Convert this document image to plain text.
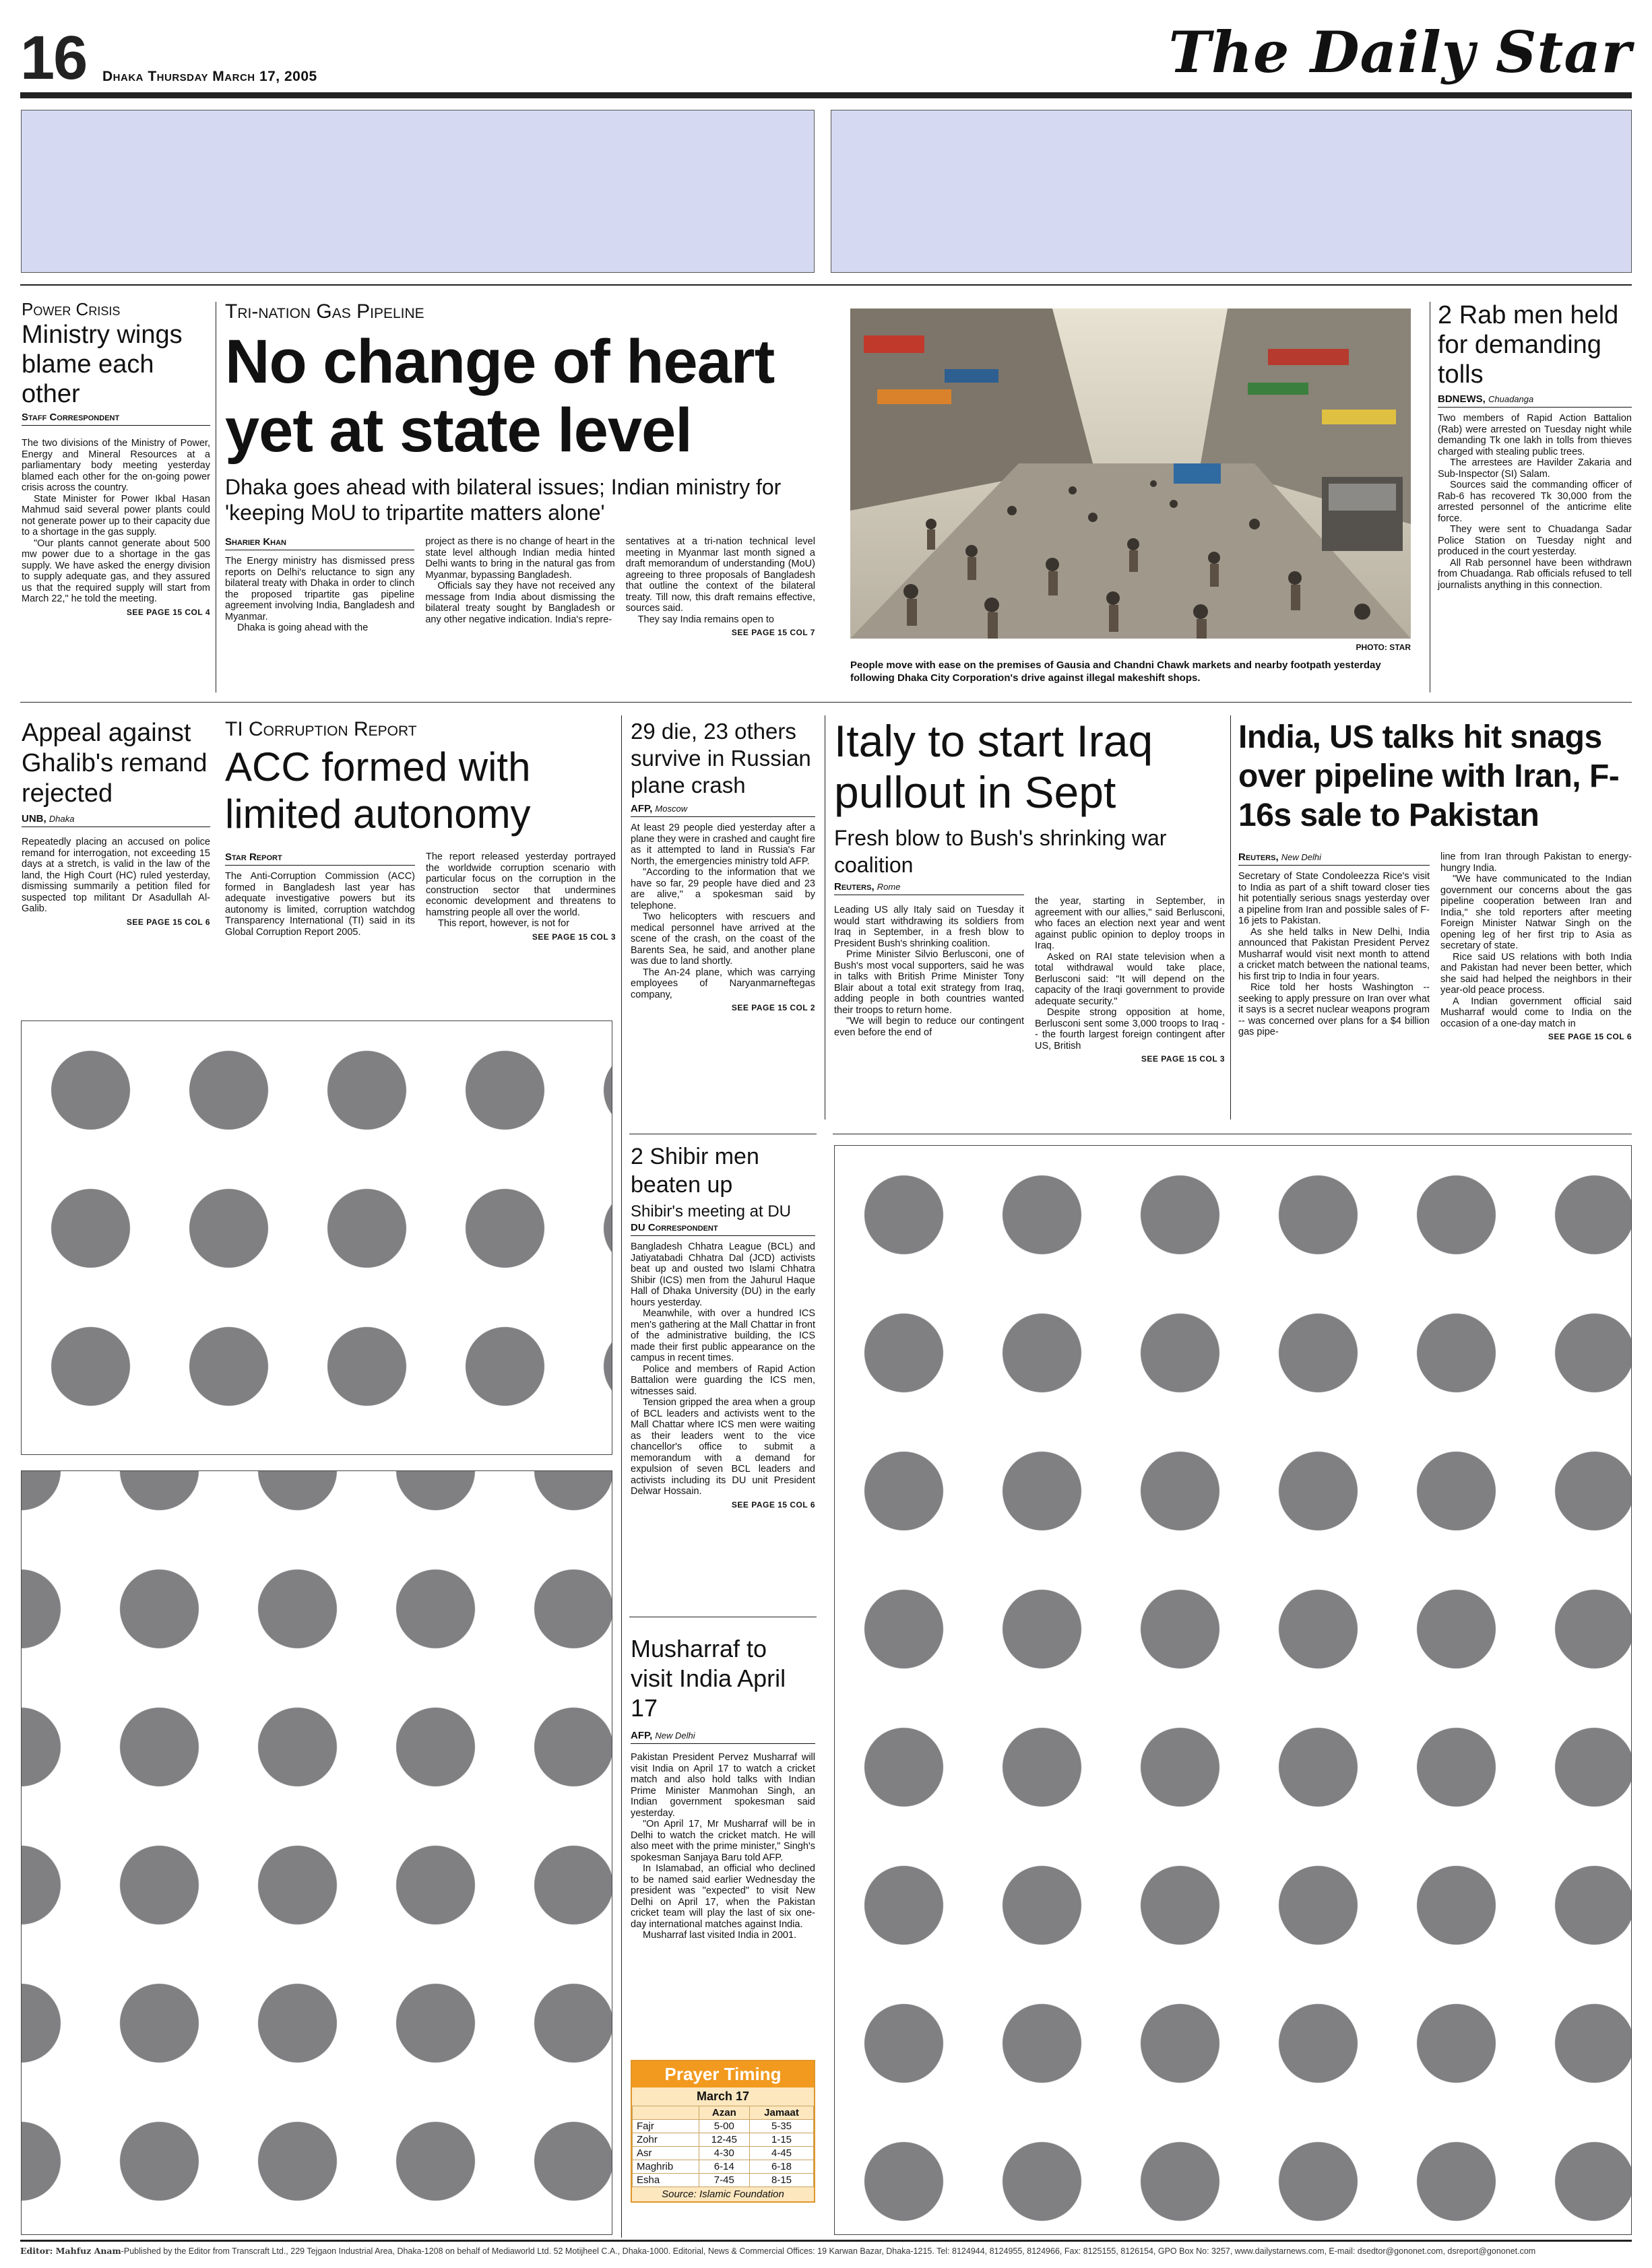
16 Dhaka Thursday March 17, 2005	The Daily Star
Power Crisis
Ministry wings blame each other
Staff Correspondent

The two divisions of the Ministry of Power, Energy and Mineral Resources at a parliamentary body meeting yesterday blamed each other for the on-going power crisis across the country.

State Minister for Power Ikbal Hasan Mahmud said several power plants could not generate power up to their capacity due to a shortage in the gas supply.

"Our plants cannot generate about 500 mw power due to a shortage in the gas supply. We have asked the energy division to supply adequate gas, and they assured us that the required supply will start from March 22," he told the meeting.

SEE PAGE 15 COL 4
Tri-nation Gas Pipeline
No change of heart yet at state level
Dhaka goes ahead with bilateral issues; Indian ministry for 'keeping MoU to tripartite matters alone'
Sharier Khan

The Energy ministry has dismissed press reports on Delhi's reluctance to sign any bilateral treaty with Dhaka in order to clinch the proposed tripartite gas pipeline agreement involving India, Bangladesh and Myanmar.

Dhaka is going ahead with the

project as there is no change of heart in the state level although Indian media hinted Delhi wants to bring in the natural gas from Myanmar, bypassing Bangladesh.

Officials say they have not received any message from India about dismissing the bilateral treaty sought by Bangladesh or any other negative indication. India's repre-

sentatives at a tri-nation technical level meeting in Myanmar last month signed a draft memorandum of understanding (MoU) agreeing to three proposals of Bangladesh that outline the context of the bilateral treaty. Till now, this draft remains effective, sources said.

They say India remains open to

SEE PAGE 15 COL 7
PHOTO: STAR
People move with ease on the premises of Gausia and Chandni Chawk markets and nearby footpath yesterday following Dhaka City Corporation's drive against illegal makeshift shops.
2 Rab men held for demanding tolls
BDNEWS, Chuadanga

Two members of Rapid Action Battalion (Rab) were arrested on Tuesday night while demanding Tk one lakh in tolls from thieves charged with stealing public trees.

The arrestees are Havilder Zakaria and Sub-Inspector (SI) Salam.

Sources said the commanding officer of Rab-6 has recovered Tk 30,000 from the arrested personnel of the anticrime elite force.

They were sent to Chuadanga Sadar Police Station on Tuesday night and produced in the court yesterday.

All Rab personnel have been withdrawn from Chuadanga. Rab officials refused to tell journalists anything in this connection.

Appeal against Ghalib's remand rejected
UNB, Dhaka

Repeatedly placing an accused on police remand for interrogation, not exceeding 15 days at a stretch, is valid in the law of the land, the High Court (HC) ruled yesterday, dismissing summarily a petition filed for suspected top militant Dr Asadullah Al-Galib.

SEE PAGE 15 COL 6
TI Corruption Report
ACC formed with limited autonomy
Star Report

The Anti-Corruption Commission (ACC) formed in Bangladesh last year has adequate investigative powers but its autonomy is limited, corruption watchdog Transparency International (TI) said in its Global Corruption Report 2005.

The report released yesterday portrayed the worldwide corruption scenario with particular focus on the corruption in the construction sector that undermines economic development and threatens to hamstring people all over the world.

This report, however, is not for

SEE PAGE 15 COL 3
29 die, 23 others survive in Russian plane crash
AFP, Moscow

At least 29 people died yesterday after a plane they were in crashed and caught fire as it attempted to land in Russia's Far North, the emergencies ministry told AFP.

"According to the information that we have so far, 29 people have died and 23 are alive," a spokesman said by telephone.

Two helicopters with rescuers and medical personnel have arrived at the scene of the crash, on the coast of the Barents Sea, he said, and another plane was due to land shortly.

The An-24 plane, which was carrying employees of Naryanmarneftegas company,

SEE PAGE 15 COL 2
Italy to start Iraq pullout in Sept
Fresh blow to Bush's shrinking war coalition
Reuters, Rome

Leading US ally Italy said on Tuesday it would start withdrawing its soldiers from Iraq in September, in a fresh blow to President Bush's shrinking coalition.

Prime Minister Silvio Berlusconi, one of Bush's most vocal supporters, said he was in talks with British Prime Minister Tony Blair about a total exit strategy from Iraq, adding people in both countries wanted their troops to return home.

"We will begin to reduce our contingent even before the end of

the year, starting in September, in agreement with our allies," said Berlusconi, who faces an election next year and went against public opinion to deploy troops in Iraq.

Asked on RAI state television when a total withdrawal would take place, Berlusconi said: "It will depend on the capacity of the Iraqi government to provide adequate security."

Despite strong opposition at home, Berlusconi sent some 3,000 troops to Iraq -- the fourth largest foreign contingent after US, British

SEE PAGE 15 COL 3
India, US talks hit snags over pipeline with Iran, F-16s sale to Pakistan
Reuters, New Delhi

Secretary of State Condoleezza Rice's visit to India as part of a shift toward closer ties hit potentially serious snags yesterday over a pipeline from Iran and possible sales of F-16 jets to Pakistan.

As she held talks in New Delhi, India announced that Pakistan President Pervez Musharraf would visit next month to attend a cricket match between the national teams, his first trip to India in four years.

Rice told her hosts Washington -- seeking to apply pressure on Iran over what it says is a secret nuclear weapons program -- was concerned over plans for a $4 billion gas pipe-

line from Iran through Pakistan to energy-hungry India.

"We have communicated to the Indian government our concerns about the gas pipeline cooperation between Iran and India," she told reporters after meeting Foreign Minister Natwar Singh on the opening leg of her first trip to Asia as secretary of state.

Rice said US relations with both India and Pakistan had never been better, which she said had helped the neighbors in their year-old peace process.

A Indian government official said Musharraf would come to India on the occasion of a one-day match in

SEE PAGE 15 COL 6
2 Shibir men beaten up
Shibir's meeting at DU
DU Correspondent

Bangladesh Chhatra League (BCL) and Jatiyatabadi Chhatra Dal (JCD) activists beat up and ousted two Islami Chhatra Shibir (ICS) men from the Jahurul Haque Hall of Dhaka University (DU) in the early hours yesterday.

Meanwhile, with over a hundred ICS men's gathering at the Mall Chattar in front of the administrative building, the ICS made their first public appearance on the campus in recent times.

Police and members of Rapid Action Battalion were guarding the ICS men, witnesses said.

Tension gripped the area when a group of BCL leaders and activists went to the Mall Chattar where ICS men were waiting as their leaders went to the vice chancellor's office to submit a memorandum with a demand for expulsion of seven BCL leaders and activists including its DU unit President Delwar Hossain.

SEE PAGE 15 COL 6
Musharraf to visit India April 17
AFP, New Delhi

Pakistan President Pervez Musharraf will visit India on April 17 to watch a cricket match and also hold talks with Indian Prime Minister Manmohan Singh, an Indian government spokesman said yesterday.

"On April 17, Mr Musharraf will be in Delhi to watch the cricket match. He will also meet with the prime minister," Singh's spokesman Sanjaya Baru told AFP.

In Islamabad, an official who declined to be named said earlier Wednesday the president was "expected" to visit New Delhi on April 17, when the Pakistan cricket team will play the last of six one-day international matches against India.

Musharraf last visited India in 2001.

Prayer Timing
March 17
	Azan	Jamaat
Fajr	5-00	5-35
Zohr	12-45	1-15
Asr	4-30	4-45
Maghrib	6-14	6-18
Esha	7-45	8-15
Source: Islamic Foundation
Editor: Mahfuz Anam-Published by the Editor from Transcraft Ltd., 229 Tejgaon Industrial Area, Dhaka-1208 on behalf of Mediaworld Ltd. 52 Motijheel C.A., Dhaka-1000. Editorial, News & Commercial Offices: 19 Karwan Bazar, Dhaka-1215. Tel: 8124944, 8124955, 8124966, Fax: 8125155, 8126154, GPO Box No: 3257, www.dailystarnews.com, E-mail: dsedtor@gononet.com, dsreport@gononet.com
